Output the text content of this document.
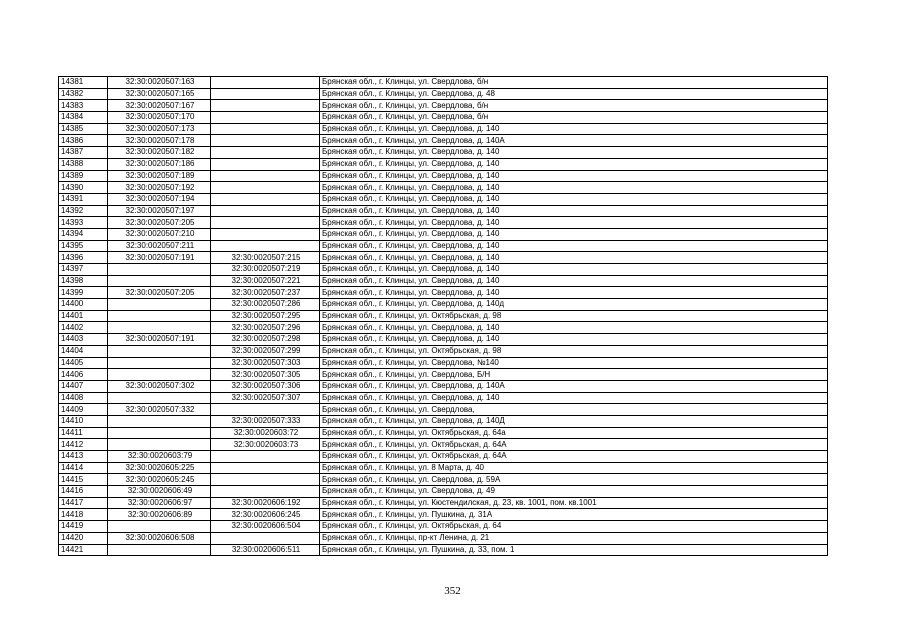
14381	32:30:0020507:163		Брянская обл., г. Клинцы, ул. Свердлова, б/н
14382	32:30:0020507:165		Брянская обл., г. Клинцы, ул. Свердлова, д. 48
14383	32:30:0020507:167		Брянская обл., г. Клинцы, ул. Свердлова, б/н
14384	32:30:0020507:170		Брянская обл., г. Клинцы, ул. Свердлова, б/н
14385	32:30:0020507:173		Брянская обл., г. Клинцы, ул. Свердлова, д. 140
14386	32:30:0020507:178		Брянская обл., г. Клинцы, ул. Свердлова, д. 140А
14387	32:30:0020507:182		Брянская обл., г. Клинцы, ул. Свердлова, д. 140
14388	32:30:0020507:186		Брянская обл., г. Клинцы, ул. Свердлова, д. 140
14389	32:30:0020507:189		Брянская обл., г. Клинцы, ул. Свердлова, д. 140
14390	32:30:0020507:192		Брянская обл., г. Клинцы, ул. Свердлова, д. 140
14391	32:30:0020507:194		Брянская обл., г. Клинцы, ул. Свердлова, д. 140
14392	32:30:0020507:197		Брянская обл., г. Клинцы, ул. Свердлова, д. 140
14393	32:30:0020507:205		Брянская обл., г. Клинцы, ул. Свердлова, д. 140
14394	32:30:0020507:210		Брянская обл., г. Клинцы, ул. Свердлова, д. 140
14395	32:30:0020507:211		Брянская обл., г. Клинцы, ул. Свердлова, д. 140
14396	32:30:0020507:191	32:30:0020507:215	Брянская обл., г. Клинцы, ул. Свердлова, д. 140
14397		32:30:0020507:219	Брянская обл., г. Клинцы, ул. Свердлова, д. 140
14398		32:30:0020507:221	Брянская обл., г. Клинцы, ул. Свердлова, д. 140
14399	32:30:0020507:205	32:30:0020507:237	Брянская обл., г. Клинцы, ул. Свердлова, д. 140
14400		32:30:0020507:286	Брянская обл., г. Клинцы, ул. Свердлова, д. 140д
14401		32:30:0020507:295	Брянская обл., г. Клинцы, ул. Октябрьская, д. 98
14402		32:30:0020507:296	Брянская обл., г. Клинцы, ул. Свердлова, д. 140
14403	32:30:0020507:191	32:30:0020507:298	Брянская обл., г. Клинцы, ул. Свердлова, д. 140
14404		32:30:0020507:299	Брянская обл., г. Клинцы, ул. Октябрьская, д. 98
14405		32:30:0020507:303	Брянская обл., г. Клинцы, ул. Свердлова, №140
14406		32:30:0020507:305	Брянская обл., г. Клинцы, ул. Свердлова, Б/Н
14407	32:30:0020507:302	32:30:0020507:306	Брянская обл., г. Клинцы, ул. Свердлова, д. 140А
14408		32:30:0020507:307	Брянская обл., г. Клинцы, ул. Свердлова, д. 140
14409	32:30:0020507:332		Брянская обл., г. Клинцы, ул. Свердлова,
14410		32:30:0020507:333	Брянская обл., г. Клинцы, ул. Свердлова, д. 140Д
14411		32:30:0020603:72	Брянская обл., г. Клинцы, ул. Октябрьская, д. 64а
14412		32:30:0020603:73	Брянская обл., г. Клинцы, ул. Октябрьская, д. 64А
14413	32:30:0020603:79		Брянская обл., г. Клинцы, ул. Октябрьская, д. 64А
14414	32:30:0020605:225		Брянская обл., г. Клинцы, ул. 8 Марта, д. 40
14415	32:30:0020605:245		Брянская обл., г. Клинцы, ул. Свердлова, д. 59А
14416	32:30:0020606:49		Брянская обл., г. Клинцы, ул. Свердлова, д. 49
14417	32:30:0020606:97	32:30:0020606:192	Брянская обл., г. Клинцы, ул. Кюстендилская, д. 23, кв. 1001, пом. кв.1001
14418	32:30:0020606:89	32:30:0020606:245	Брянская обл., г. Клинцы, ул. Пушкина, д. 31А
14419		32:30:0020606:504	Брянская обл., г. Клинцы, ул. Октябрьская, д. 64
14420	32:30:0020606:508		Брянская обл., г. Клинцы, пр-кт Ленина, д. 21
14421		32:30:0020606:511	Брянская обл., г. Клинцы, ул. Пушкина, д. 33, пом. 1
352
